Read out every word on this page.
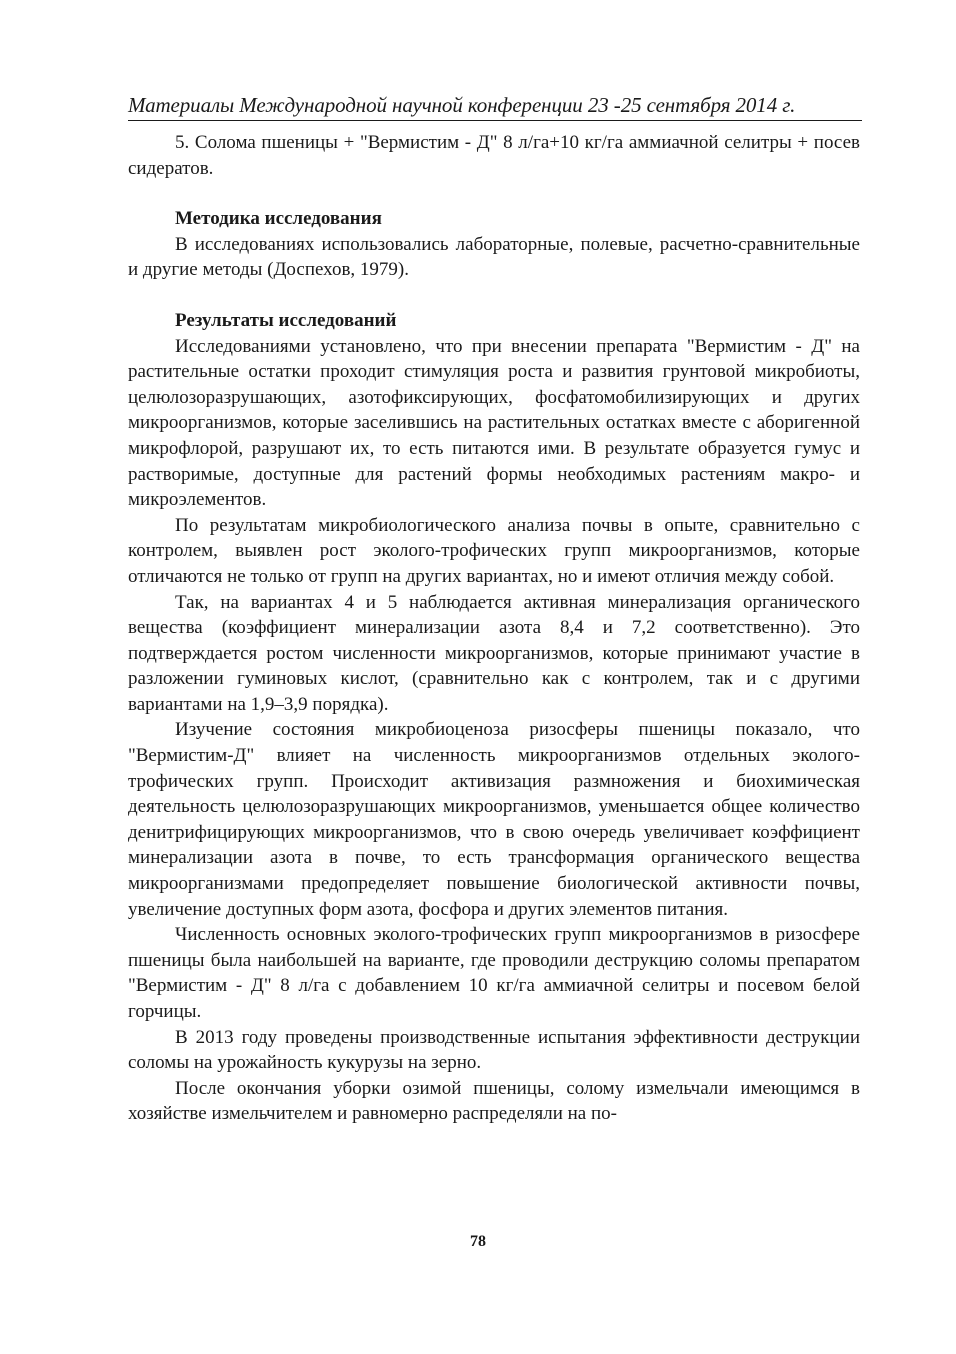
Материалы Международной научной конференции 23 -25 сентября 2014 г.

5. Солома пшеницы + "Вермистим - Д" 8 л/га+10 кг/га аммиачной селитры + посев сидератов.

Методика исследования

В исследованиях использовались лабораторные, полевые, расчетно-сравнительные и другие методы (Доспехов, 1979).

Результаты исследований

Исследованиями установлено, что при внесении препарата "Вермистим - Д" на растительные остатки проходит стимуляция роста и развития грунтовой микробиоты, целюлозоразрушающих, азотофиксирующих, фосфатомобилизирующих и других микроорганизмов, которые заселившись на растительных остатках вместе с аборигенной микрофлорой, разрушают их, то есть питаются ими. В результате образуется гумус и растворимые, доступные для растений формы необходимых растениям макро- и микроэлементов.

По результатам микробиологического анализа почвы в опыте, сравнительно с контролем, выявлен рост эколого-трофических групп микроорганизмов, которые отличаются не только от групп на других вариантах, но и имеют отличия между собой.

Так, на вариантах 4 и 5 наблюдается активная минерализация органического вещества (коэффициент минерализации азота 8,4 и 7,2 соответственно). Это подтверждается ростом численности микроорганизмов, которые принимают участие в разложении гуминовых кислот, (сравнительно как с контролем, так и с другими вариантами на 1,9–3,9 порядка).

Изучение состояния микробиоценоза ризосферы пшеницы показало, что "Вермистим-Д" влияет на численность микроорганизмов отдельных эколого-трофических групп. Происходит активизация размножения и биохимическая деятельность целюлозоразрушающих микроорганизмов, уменьшается общее количество денитрифицирующих микроорганизмов, что в свою очередь увеличивает коэффициент минерализации азота в почве, то есть трансформация органического вещества микроорганизмами предопределяет повышение биологической активности почвы, увеличение доступных форм азота, фосфора и других элементов питания.

Численность основных эколого-трофических групп микроорганизмов в ризосфере пшеницы была наибольшей на варианте, где проводили деструкцию соломы препаратом "Вермистим - Д" 8 л/га с добавлением 10 кг/га аммиачной селитры и посевом белой горчицы.

В 2013 году проведены производственные испытания эффективности деструкции соломы на урожайность кукурузы на зерно.

После окончания уборки озимой пшеницы, солому измельчали имеющимся в хозяйстве измельчителем и равномерно распределяли на по-

78
